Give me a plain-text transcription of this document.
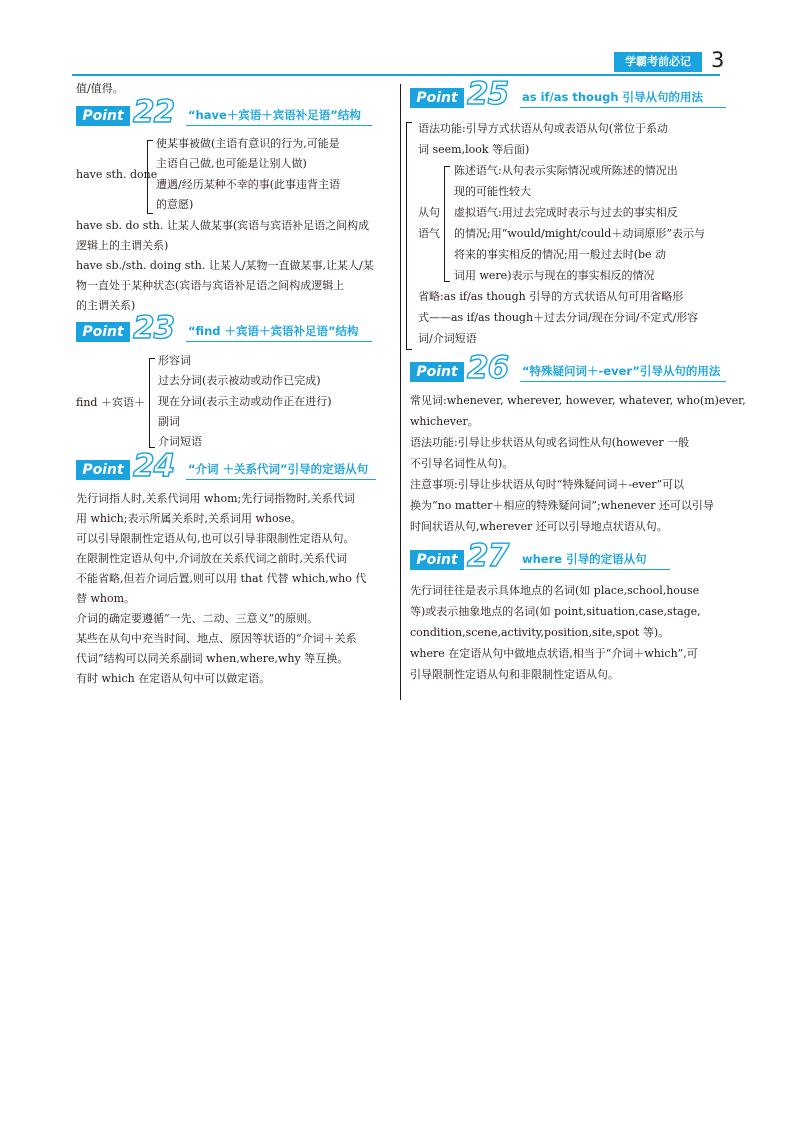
学霸考前必记 3
值/值得。
Point 22 “have＋宾语＋宾语补足语”结构
have sth. done
使某事被做(主语有意识的行为,可能是
主语自己做,也可能是让别人做)
遭遇/经历某种不幸的事(此事违背主语
的意愿)
have sb. do sth. 让某人做某事(宾语与宾语补足语之间构成
逻辑上的主谓关系)
have sb./sth. doing sth. 让某人/某物一直做某事,让某人/某
物一直处于某种状态(宾语与宾语补足语之间构成逻辑上
的主谓关系)
Point 23 “find ＋宾语＋宾语补足语”结构
find ＋宾语＋
形容词
过去分词(表示被动或动作已完成)
现在分词(表示主动或动作正在进行)
副词
介词短语
Point 24 “介词 ＋关系代词”引导的定语从句
先行词指人时,关系代词用 whom;先行词指物时,关系代词
用 which;表示所属关系时,关系词用 whose。
可以引导限制性定语从句,也可以引导非限制性定语从句。
在限制性定语从句中,介词放在关系代词之前时,关系代词
不能省略,但若介词后置,则可以用 that 代替 which,who 代
替 whom。
介词的确定要遵循“一先、二动、三意义”的原则。
某些在从句中充当时间、地点、原因等状语的“介词＋关系
代词”结构可以同关系副词 when,where,why 等互换。
有时 which 在定语从句中可以做定语。
Point 25 as if/as though 引导从句的用法
语法功能:引导方式状语从句或表语从句(常位于系动
词 seem,look 等后面)
从句
语气
陈述语气:从句表示实际情况或所陈述的情况出
现的可能性较大
虚拟语气:用过去完成时表示与过去的事实相反
的情况;用“would/might/could＋动词原形”表示与
将来的事实相反的情况;用一般过去时(be 动
词用 were)表示与现在的事实相反的情况
省略:as if/as though 引导的方式状语从句可用省略形
式——as if/as though＋过去分词/现在分词/不定式/形容
词/介词短语
Point 26 “特殊疑问词＋-ever”引导从句的用法
常见词:whenever, wherever, however, whatever, who(m)ever,
whichever。
语法功能:引导让步状语从句或名词性从句(however 一般
不引导名词性从句)。
注意事项:引导让步状语从句时“特殊疑问词＋-ever”可以
换为“no matter＋相应的特殊疑问词”;whenever 还可以引导
时间状语从句,wherever 还可以引导地点状语从句。
Point 27 where 引导的定语从句
先行词往往是表示具体地点的名词(如 place,school,house
等)或表示抽象地点的名词(如 point,situation,case,stage,
condition,scene,activity,position,site,spot 等)。
where 在定语从句中做地点状语,相当于“介词＋which”,可
引导限制性定语从句和非限制性定语从句。
